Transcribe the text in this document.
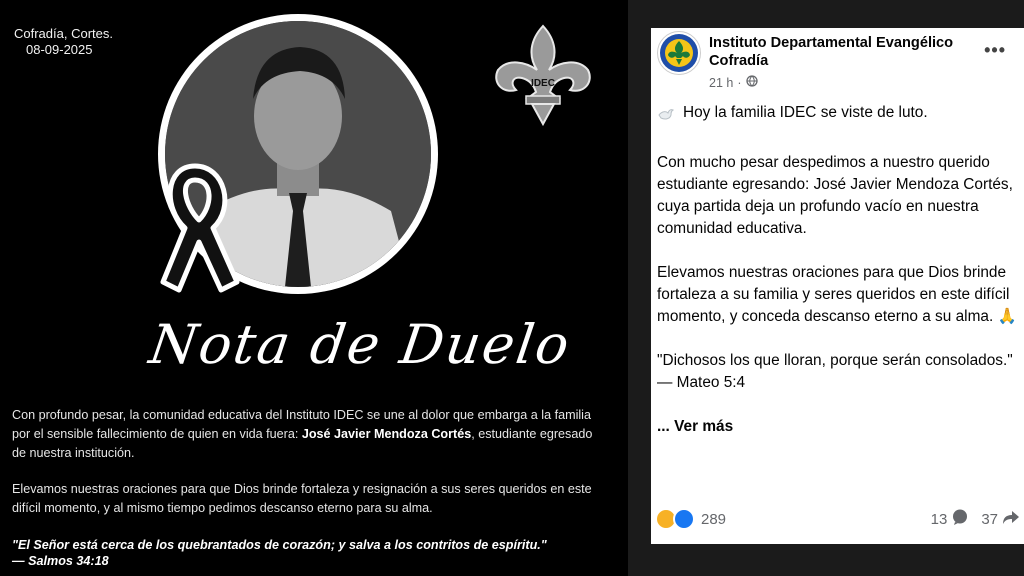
Cofradía, Cortes.
08-09-2025
IDEC
Nota de Duelo
Con profundo pesar, la comunidad educativa del Instituto IDEC se une al dolor que embarga a la familia por el sensible fallecimiento de quien en vida fuera: José Javier Mendoza Cortés, estudiante egresado de nuestra institución.
Elevamos nuestras oraciones para que Dios brinde fortaleza y resignación a sus seres queridos en este difícil momento, y al mismo tiempo pedimos descanso eterno para su alma.
"El Señor está cerca de los quebrantados de corazón; y salva a los contritos de espíritu."
— Salmos 34:18
Instituto Departamental Evangélico Cofradía
21 h ·
•••

Hoy la familia IDEC se viste de luto.

Con mucho pesar despedimos a nuestro querido estudiante egresando: José Javier Mendoza Cortés, cuya partida deja un profundo vacío en nuestra comunidad educativa.

Elevamos nuestras oraciones para que Dios brinde fortaleza a su familia y seres queridos en este difícil momento, y conceda descanso eterno a su alma. 🙏

"Dichosos los que lloran, porque serán consolados."
— Mateo 5:4

... Ver más

289	13 37
